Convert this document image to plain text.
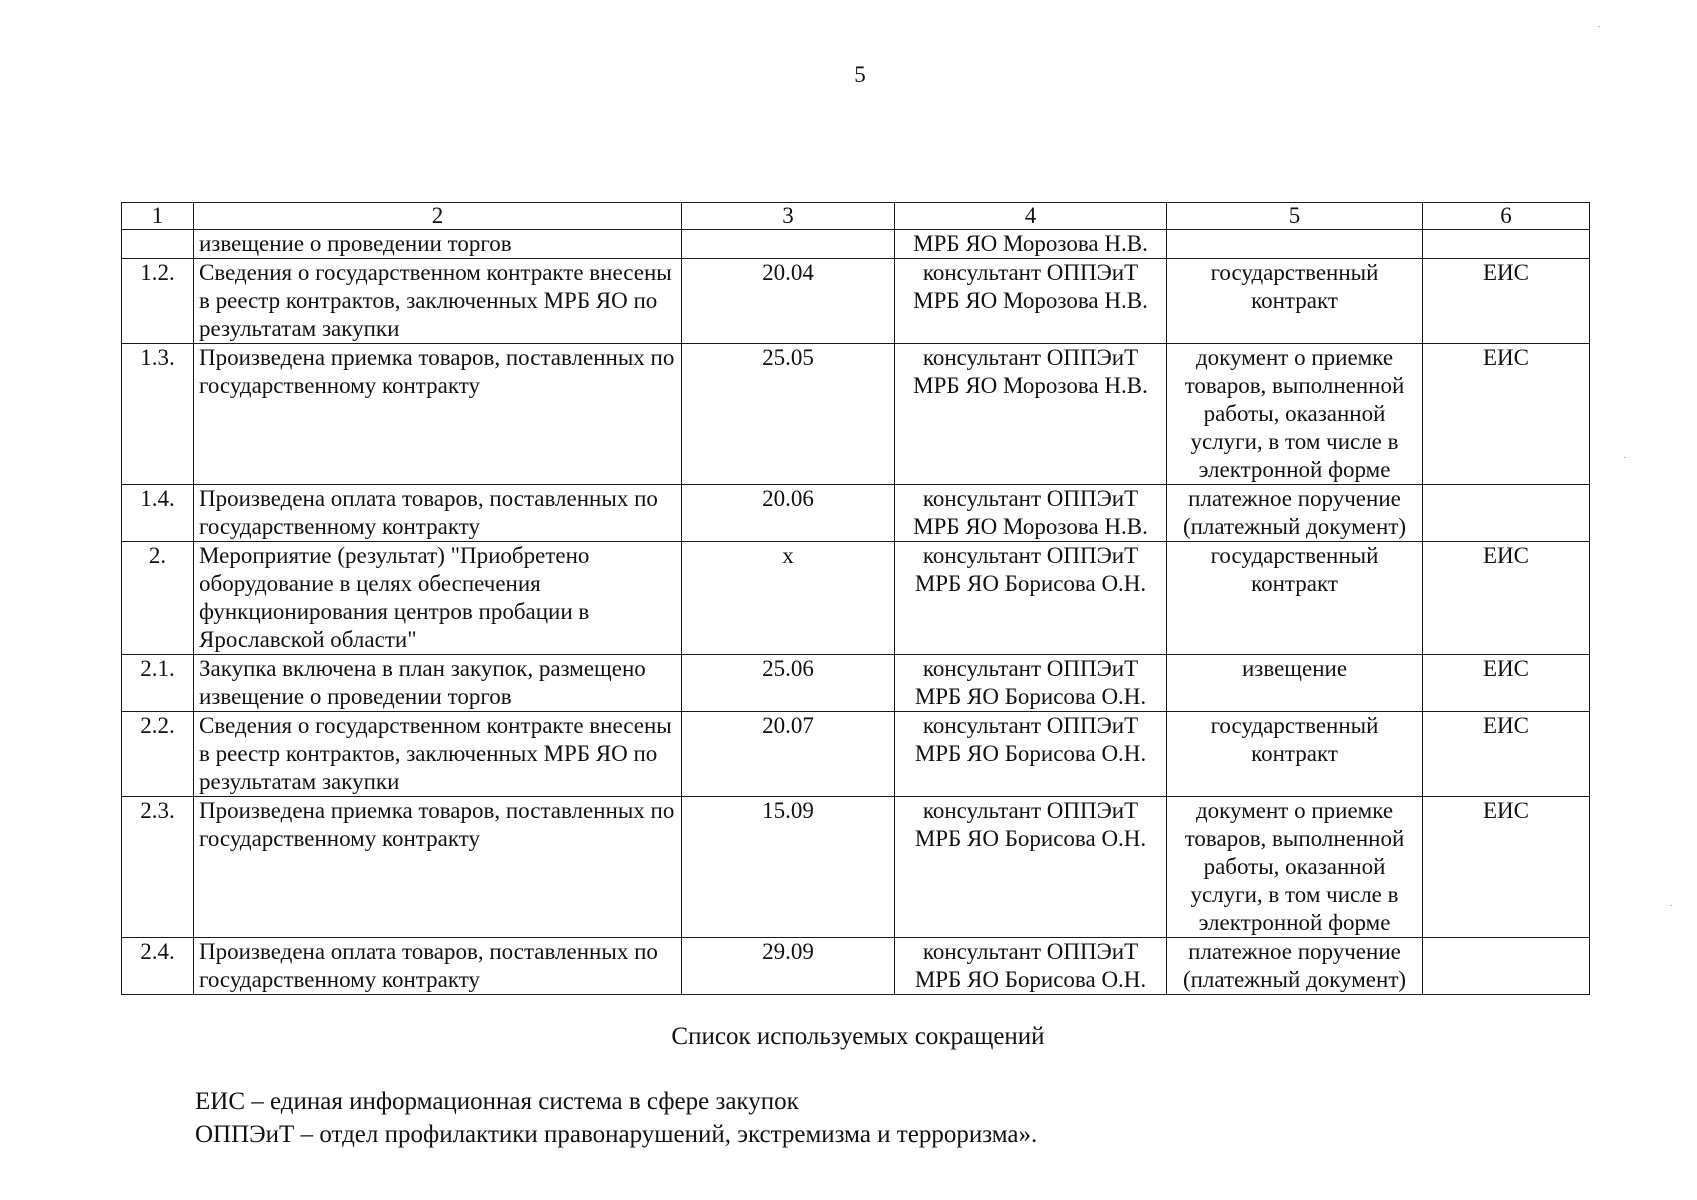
5
1	2	3	4	5	6
	извещение о проведении торгов		МРБ ЯО Морозова Н.В.		
1.2.	Сведения о государственном контракте внесены в реестр контрактов, заключенных МРБ ЯО по результатам закупки	20.04	консультант ОППЭиТ МРБ ЯО Морозова Н.В.	государственный контракт	ЕИС
1.3.	Произведена приемка товаров, поставленных по государственному контракту	25.05	консультант ОППЭиТ МРБ ЯО Морозова Н.В.	документ о приемке товаров, выполненной работы, оказанной услуги, в том числе в электронной форме	ЕИС
1.4.	Произведена оплата товаров, поставленных по государственному контракту	20.06	консультант ОППЭиТ МРБ ЯО Морозова Н.В.	платежное поручение (платежный документ)	
2.	Мероприятие (результат) "Приобретено оборудование в целях обеспечения функционирования центров пробации в Ярославской области"	х	консультант ОППЭиТ МРБ ЯО Борисова О.Н.	государственный контракт	ЕИС
2.1.	Закупка включена в план закупок, размещено извещение о проведении торгов	25.06	консультант ОППЭиТ МРБ ЯО Борисова О.Н.	извещение	ЕИС
2.2.	Сведения о государственном контракте внесены в реестр контрактов, заключенных МРБ ЯО по результатам закупки	20.07	консультант ОППЭиТ МРБ ЯО Борисова О.Н.	государственный контракт	ЕИС
2.3.	Произведена приемка товаров, поставленных по государственному контракту	15.09	консультант ОППЭиТ МРБ ЯО Борисова О.Н.	документ о приемке товаров, выполненной работы, оказанной услуги, в том числе в электронной форме	ЕИС
2.4.	Произведена оплата товаров, поставленных по государственному контракту	29.09	консультант ОППЭиТ МРБ ЯО Борисова О.Н.	платежное поручение (платежный документ)	
Список используемых сокращений
ЕИС – единая информационная система в сфере закупок
ОППЭиТ – отдел профилактики правонарушений, экстремизма и терроризма».
